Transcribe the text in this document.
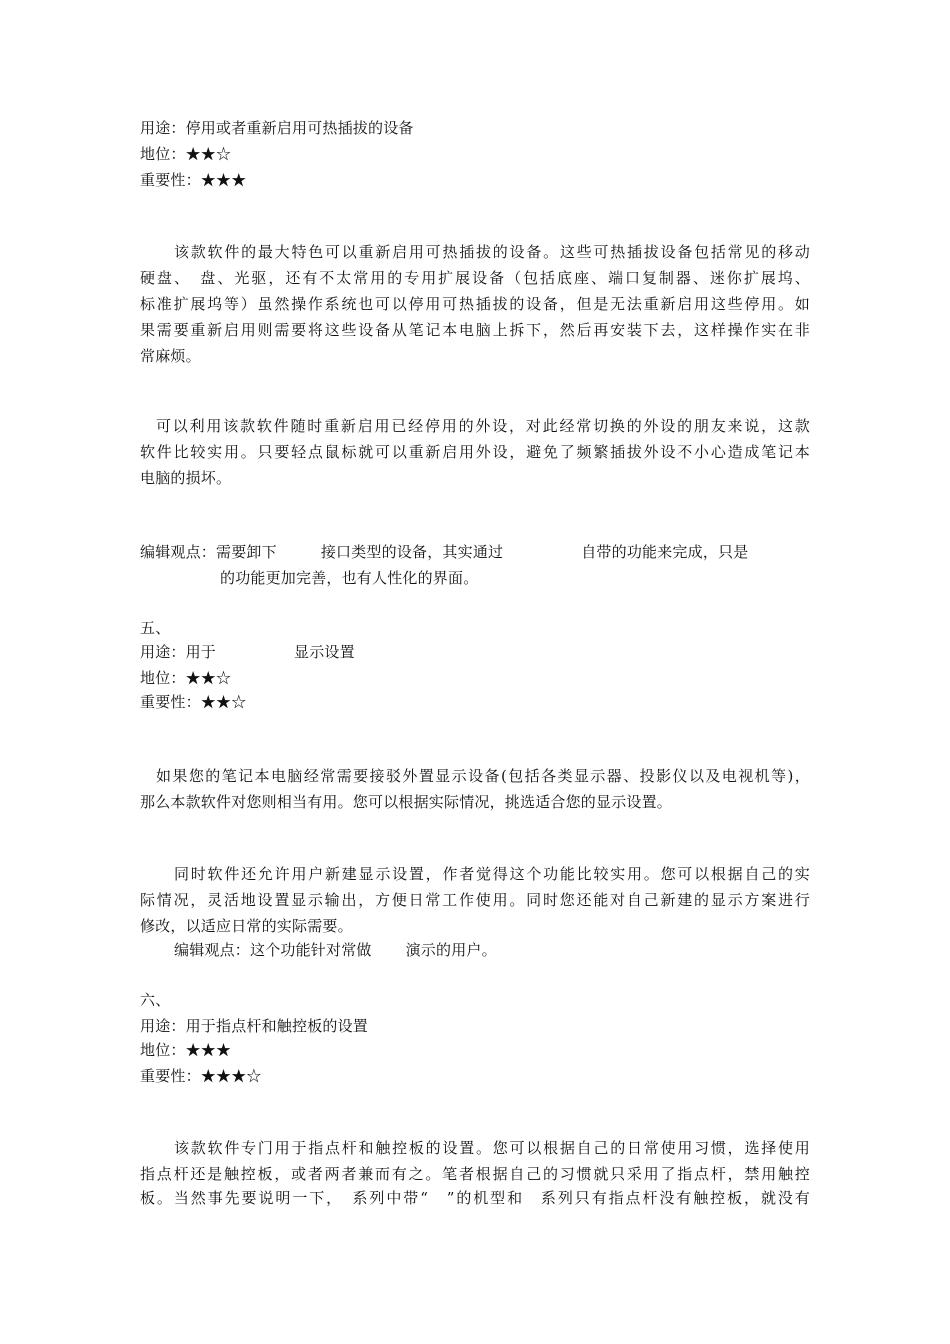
用途：停用或者重新启用可热插拔的设备
地位：★★☆
重要性：★★★
该款软件的最大特色可以重新启用可热插拔的设备。这些可热插拔设备包括常见的移动
硬盘、　盘、光驱，还有不太常用的专用扩展设备（包括底座、端口复制器、迷你扩展坞、
标准扩展坞等）虽然操作系统也可以停用可热插拔的设备，但是无法重新启用这些停用。如
果需要重新启用则需要将这些设备从笔记本电脑上拆下，然后再安装下去，这样操作实在非
常麻烦。
可以利用该款软件随时重新启用已经停用的外设，对此经常切换的外设的朋友来说，这款
软件比较实用。只要轻点鼠标就可以重新启用外设，避免了频繁插拔外设不小心造成笔记本
电脑的损坏。
编辑观点：需要卸下	接口类型的设备，其实通过	自带的功能来完成，只是
的功能更加完善，也有人性化的界面。
五、
用途：用于	显示设置
地位：★★☆
重要性：★★☆
如果您的笔记本电脑经常需要接驳外置显示设备(包括各类显示器、投影仪以及电视机等)，
那么本款软件对您则相当有用。您可以根据实际情况，挑选适合您的显示设置。
同时软件还允许用户新建显示设置，作者觉得这个功能比较实用。您可以根据自己的实
际情况，灵活地设置显示输出，方便日常工作使用。同时您还能对自己新建的显示方案进行
修改，以适应日常的实际需要。
编辑观点：这个功能针对常做 演示的用户。
六、
用途：用于指点杆和触控板的设置
地位：★★★
重要性：★★★☆
该款软件专门用于指点杆和触控板的设置。您可以根据自己的日常使用习惯，选择使用
指点杆还是触控板，或者两者兼而有之。笔者根据自己的习惯就只采用了指点杆，禁用触控
板。当然事先要说明一下，　系列中带“　”的机型和　系列只有指点杆没有触控板，就没有
